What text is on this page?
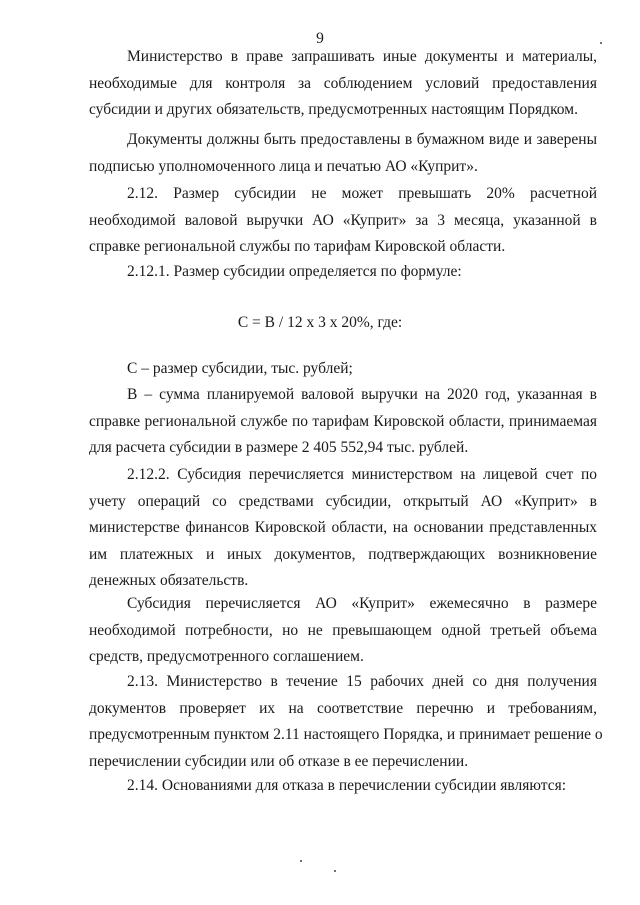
9
Министерство в праве запрашивать иные документы и материалы,
необходимые для контроля за соблюдением условий предоставления
субсидии и других обязательств, предусмотренных настоящим Порядком.
Документы должны быть предоставлены в бумажном виде и заверены
подписью уполномоченного лица и печатью АО «Куприт».
2.12. Размер субсидии не может превышать 20% расчетной
необходимой валовой выручки АО «Куприт» за 3 месяца, указанной в
справке региональной службы по тарифам Кировской области.
2.12.1. Размер субсидии определяется по формуле:
С = В / 12 х 3 х 20%, где:
С – размер субсидии, тыс. рублей;
В – сумма планируемой валовой выручки на 2020 год, указанная в
справке региональной службе по тарифам Кировской области, принимаемая
для расчета субсидии в размере 2 405 552,94 тыс. рублей.
2.12.2. Субсидия перечисляется министерством на лицевой счет по
учету операций со средствами субсидии, открытый АО «Куприт» в
министерстве финансов Кировской области, на основании представленных
им платежных и иных документов, подтверждающих возникновение
денежных обязательств.
Субсидия перечисляется АО «Куприт» ежемесячно в размере
необходимой потребности, но не превышающем одной третьей объема
средств, предусмотренного соглашением.
2.13. Министерство в течение 15 рабочих дней со дня получения
документов проверяет их на соответствие перечню и требованиям,
предусмотренным пунктом 2.11 настоящего Порядка, и принимает решение о
перечислении субсидии или об отказе в ее перечислении.
2.14. Основаниями для отказа в перечислении субсидии являются:
